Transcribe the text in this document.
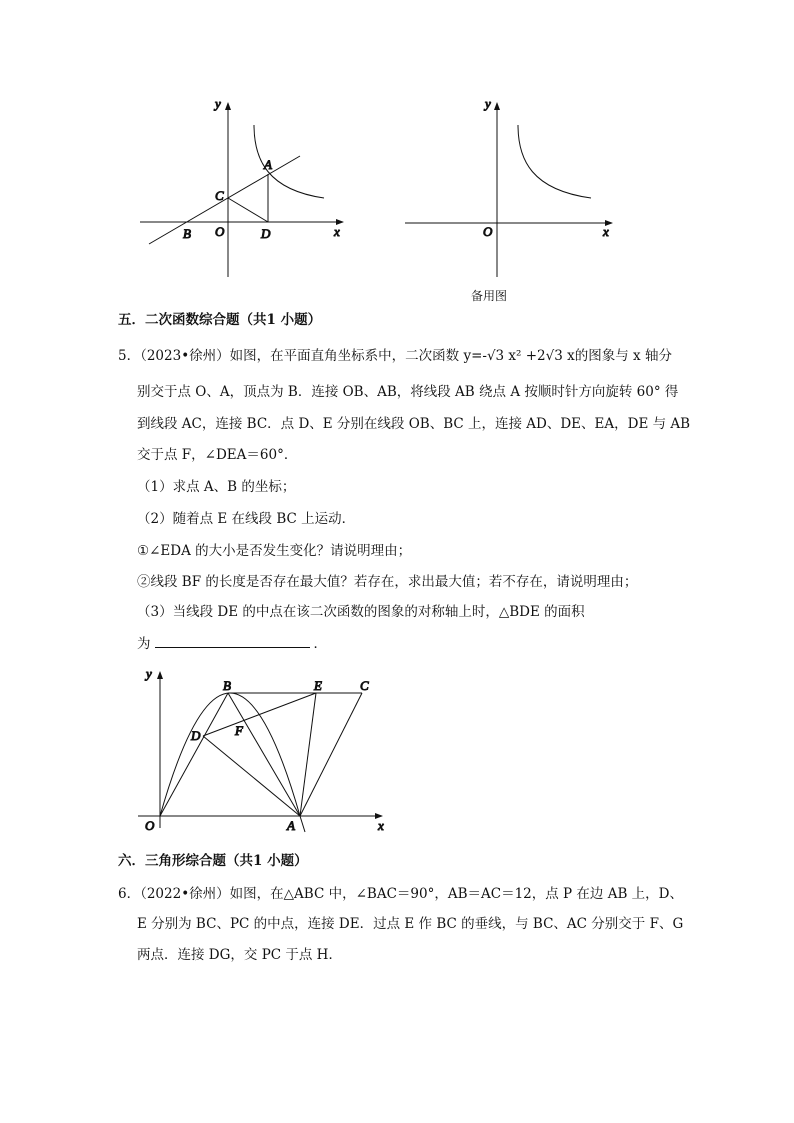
y
x
O
B
C
A
D
y
x
O
y
x
O	A
B	E	C
D	F
备用图
五．二次函数综合题（共1 小题）
5．（2023•徐州）如图，在平面直角坐标系中，二次函数 y=-√3 x² +2√3 x的图象与 x 轴分
别交于点 O、A，顶点为 B．连接 OB、AB，将线段 AB 绕点 A 按顺时针方向旋转 60° 得
到线段 AC，连接 BC．点 D、E 分别在线段 OB、BC 上，连接 AD、DE、EA，DE 与 AB
交于点 F，∠DEA＝60°．
（1）求点 A、B 的坐标；
（2）随着点 E 在线段 BC 上运动．
①∠EDA 的大小是否发生变化？请说明理由；
②线段 BF 的长度是否存在最大值？若存在，求出最大值；若不存在，请说明理由；
（3）当线段 DE 的中点在该二次函数的图象的对称轴上时，△BDE 的面积
为	．
六．三角形综合题（共1 小题）
6．（2022•徐州）如图，在△ABC 中，∠BAC＝90°，AB＝AC＝12，点 P 在边 AB 上，D、
E 分别为 BC、PC 的中点，连接 DE．过点 E 作 BC 的垂线，与 BC、AC 分别交于 F、G
两点．连接 DG，交 PC 于点 H．
